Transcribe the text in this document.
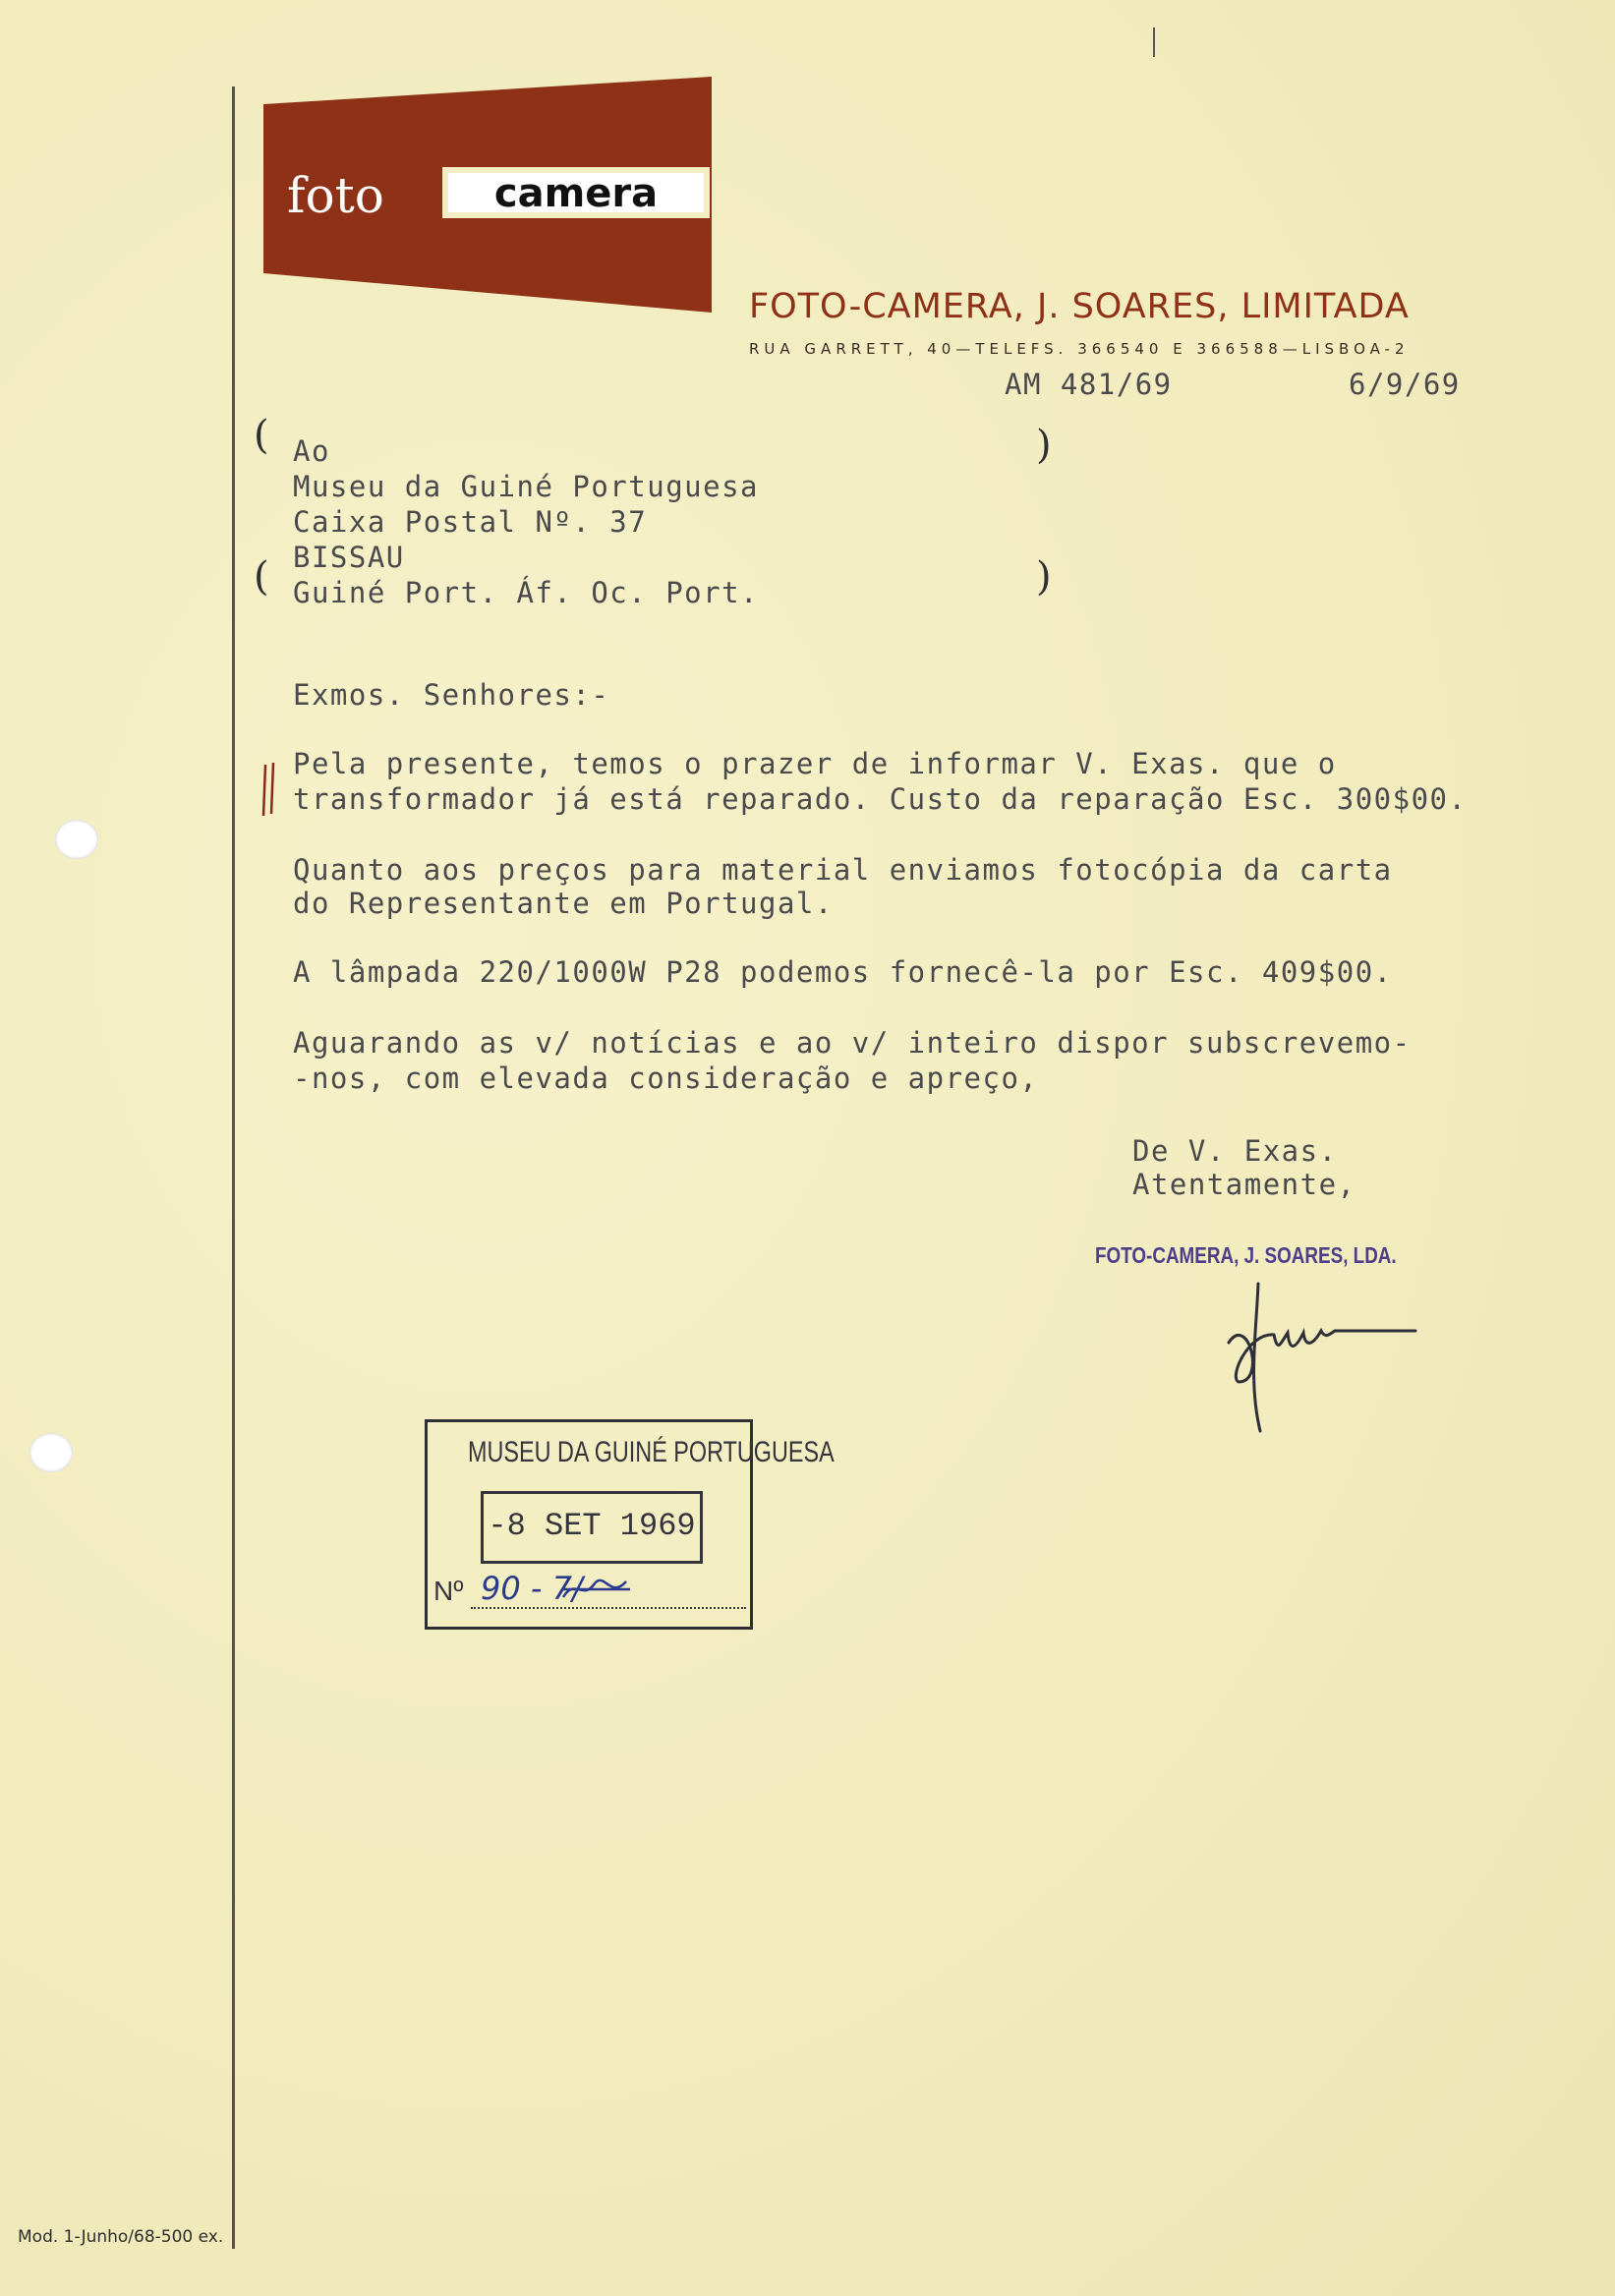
foto	camera
FOTO-CAMERA, J. SOARES, LIMITADA
RUA GARRETT, 40—TELEFS. 366540 E 366588—LISBOA-2
AM 481/69	6/9/69
(
(
)
)
Ao
Museu da Guiné Portuguesa
Caixa Postal Nº. 37
BISSAU
Guiné Port. Áf. Oc. Port.
Exmos. Senhores:-
Pela presente, temos o prazer de informar V. Exas. que o
transformador já está reparado. Custo da reparação Esc. 300$00.
Quanto aos preços para material enviamos fotocópia da carta
do Representante em Portugal.
A lâmpada 220/1000W P28 podemos fornecê-la por Esc. 409$00.
Aguarando as v/ notícias e ao v/ inteiro dispor subscrevemo-
-nos, com elevada consideração e apreço,
De V. Exas.
Atentamente,
FOTO-CAMERA, J. SOARES, LDA.
MUSEU DA GUINÉ PORTUGUESA
-8 SET 1969
Nº 90 - 7/
Mod. 1-Junho/68-500 ex.
